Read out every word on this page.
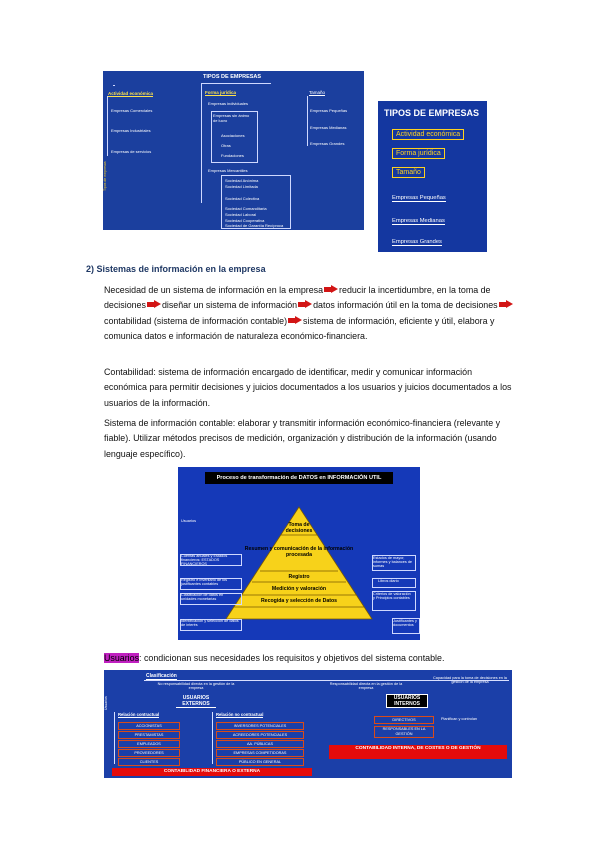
TIPOS DE EMPRESAS
Actividad económica
Empresas Comerciales
Empresas Industriales
Empresas de servicios
Forma jurídica
Empresas individuales
Empresas sin ánimo de lucro
Asociaciones
Otras
Fundaciones
Empresas Mercantiles
Sociedad Anónima
Sociedad Limitada
Sociedad Colectiva
Sociedad Comanditaria
Sociedad Laboral
Sociedad Cooperativa
Sociedad de Garantía Recíproca
Tamaño
Empresas Pequeñas
Empresas Medianas
Empresas Grandes
Tipos de empresas
TIPOS DE EMPRESAS
Actividad económica
Forma jurídica
Tamaño
Empresas Pequeñas
Empresas Medianas
Empresas Grandes
2) Sistemas de información en la empresa
Necesidad de un sistema de información en la empresa reducir la incertidumbre, en la toma de decisiones diseñar un sistema de información datos información útil en la toma de decisionescontabilidad (sistema de información contable) sistema de información, eficiente y útil, elabora y comunica datos e información de naturaleza económico-financiera.
Contabilidad: sistema de información encargado de identificar, medir y comunicar información económica para permitir decisiones y juicios documentados a los usuarios y juicios documentados a los usuarios de la información.
Sistema de información contable: elaborar y transmitir información económico-financiera (relevante y fiable). Utilizar métodos precisos de medición, organización y distribución de la información (usando lenguaje específico).
Proceso de transformación de DATOS en INFORMACIÓN UTIL
Toma de decisiones
Resumen y comunicación de la información procesada
Registro
Medición y valoración
Recogida y selección de Datos
Usuarios
Cuentas anuales y Estados financieros: ESTADOS FINANCIEROS
Registro e inventario de los justificantes contables
Clasificación de datos en unidades monetarias
Identificación y selección de datos de interés
Estados de mayor, informes y balances de sumas
Libros diario
Criterios de valoración y Principios contables
Justificantes y documentos
Usuarios: condicionan sus necesidades los requisitos y objetivos del sistema contable.
Usuarios
Clasificación
No responsabilidad directa en la gestión de la empresa
Responsabilidad directa en la gestión de la empresa
Capacidad para la toma de decisiones en la gestión de la empresa
USUARIOS EXTERNOS
USUARIOS INTERNOS
Relación contractual	Relación no contractual
ACCIONISTAS
PRESTAMISTAS
EMPLEADOS
PROVEEDORES
CLIENTES
INVERSORES POTENCIALES
ACREEDORES POTENCIALES
AA. PÚBLICAS
EMPRESAS COMPETIDORAS
PÚBLICO EN GENERAL
DIRECTIVOS
RESPONSABLES EN LA GESTIÓN
Planifican y controlan
CONTABILIDAD INTERNA, DE COSTES O DE GESTIÓN
CONTABILIDAD FINANCIERA O EXTERNA
